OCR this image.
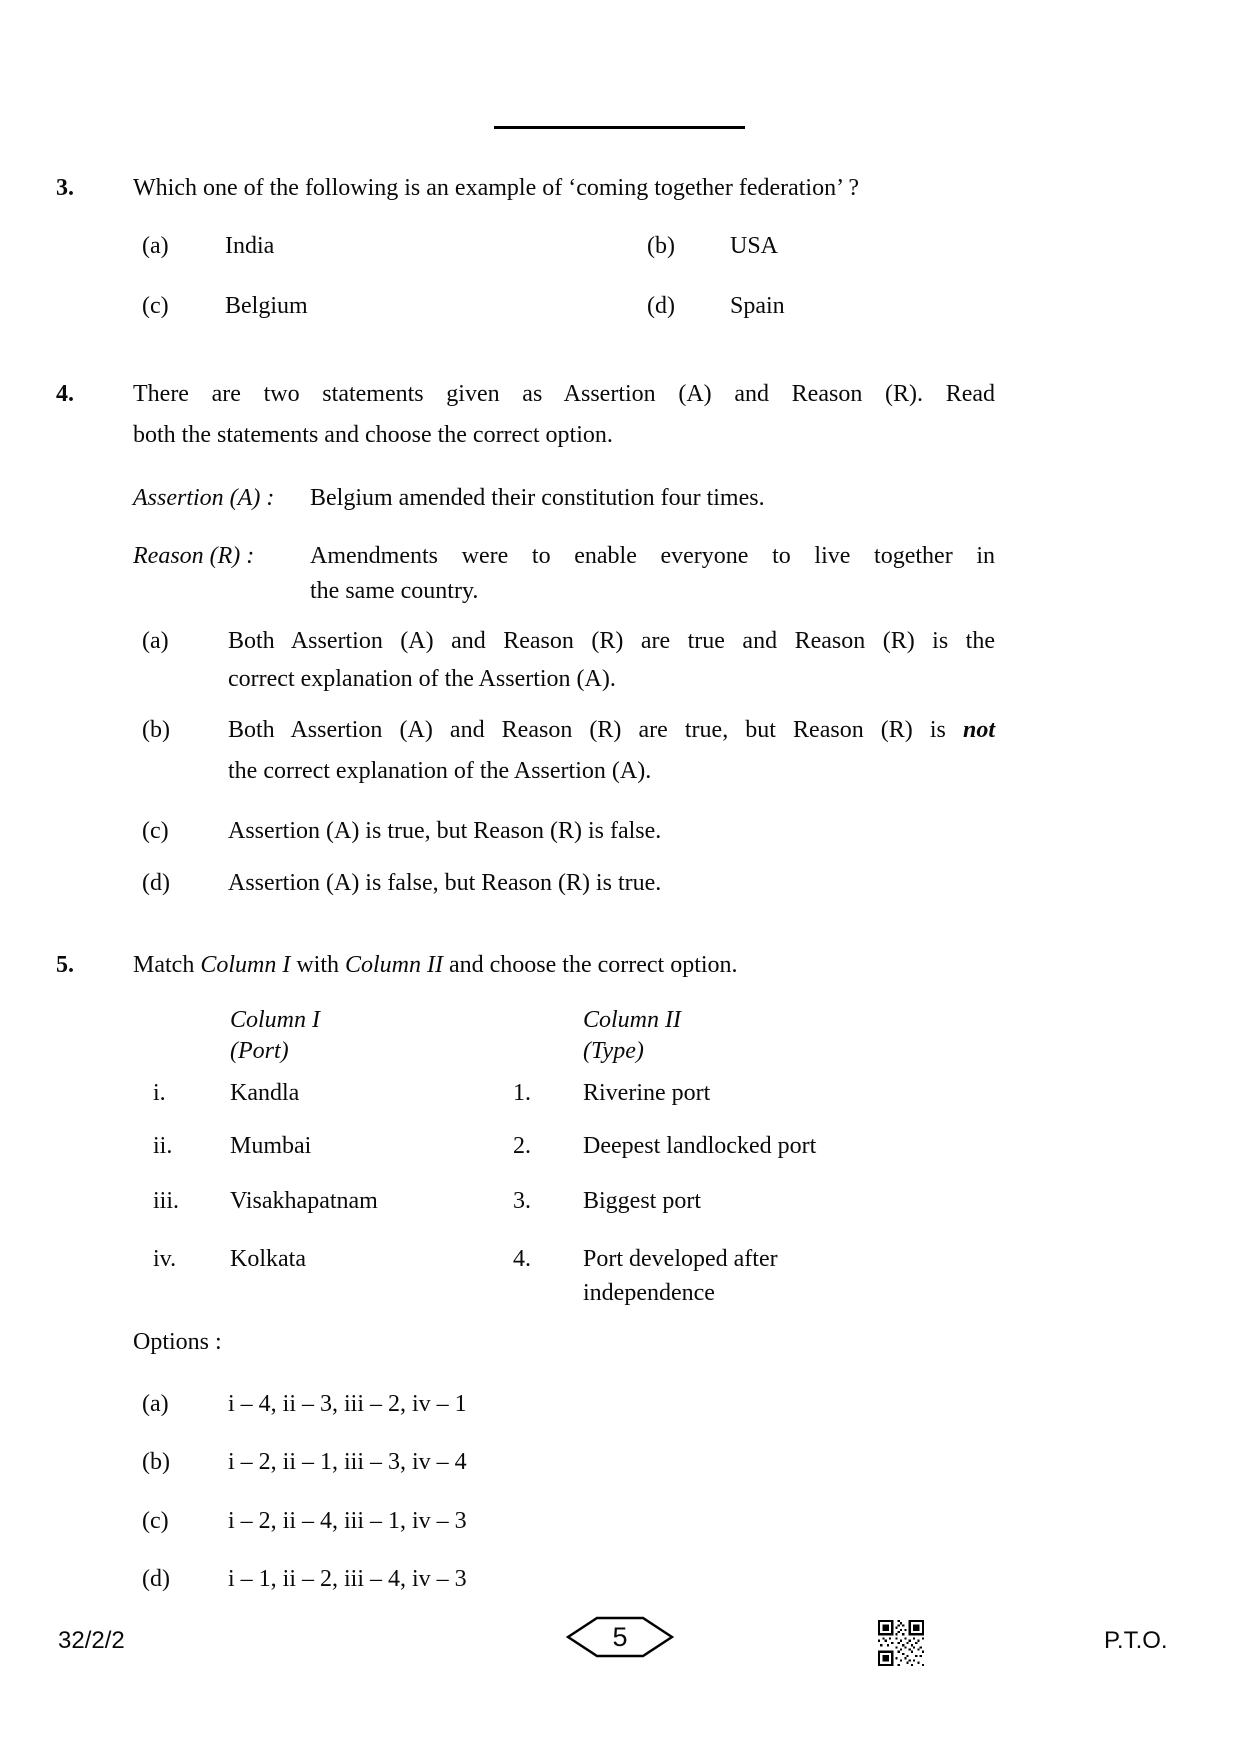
3. Which one of the following is an example of ‘coming together federation’ ?
(a) India	(b) USA
(c) Belgium	(d) Spain
4. There are two statements given as Assertion (A) and Reason (R). Read
both the statements and choose the correct option.
Assertion (A) : Belgium amended their constitution four times.
Reason (R) : Amendments were to enable everyone to live together in
the same country.
(a) Both Assertion (A) and Reason (R) are true and Reason (R) is the
correct explanation of the Assertion (A).
(b) Both Assertion (A) and Reason (R) are true, but Reason (R) is not
the correct explanation of the Assertion (A).
(c) Assertion (A) is true, but Reason (R) is false.
(d) Assertion (A) is false, but Reason (R) is true.
5. Match Column I with Column II and choose the correct option.
Column I
(Port)
Column II
(Type)
i.	Kandla	1. Riverine port
ii. Mumbai	2. Deepest landlocked port
iii. Visakhapatnam	3. Biggest port
iv. Kolkata	4. Port developed after
independence
Options :
(a) i – 4, ii – 3, iii – 2, iv – 1
(b) i – 2, ii – 1, iii – 3, iv – 4
(c) i – 2, ii – 4, iii – 1, iv – 3
(d) i – 1, ii – 2, iii – 4, iv – 3
32/2/2	5	P.T.O.
